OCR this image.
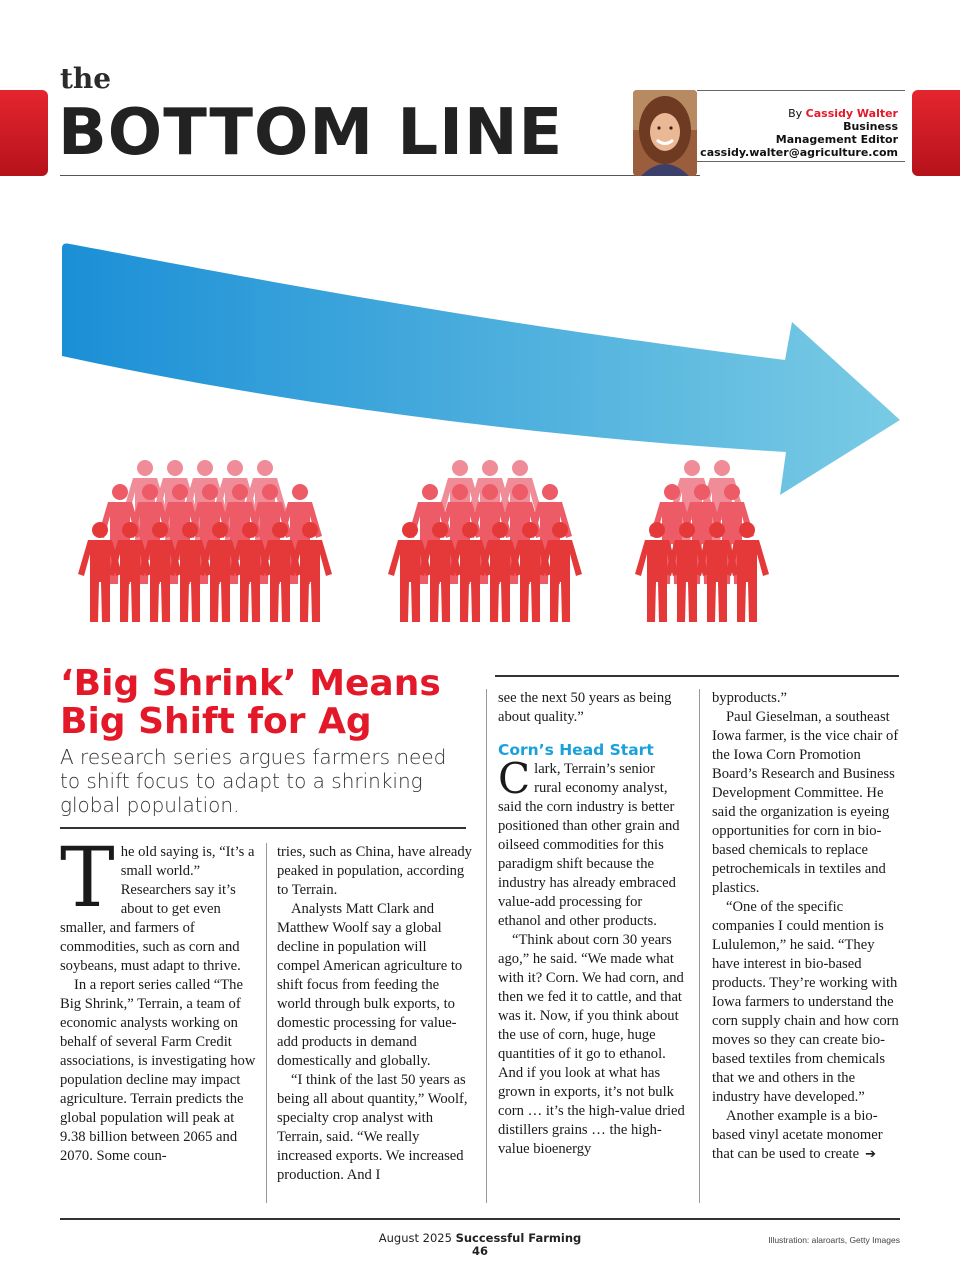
the
BOTTOM LINE	By Cassidy Walter
Business
Management Editor
cassidy.walter@agriculture.com
‘Big Shrink’ Means Big Shift for Ag
A research series argues farmers need to shift focus to adapt to a shrinking global population.

The old saying is, “It’s a small world.” Researchers say it’s about to get even smaller, and farmers of commodities, such as corn and soybeans, must adapt to thrive.

In a report series called “The Big Shrink,” Terrain, a team of economic analysts working on behalf of several Farm Credit associations, is investigating how population decline may impact agriculture. Terrain predicts the global population will peak at 9.38 billion between 2065 and 2070. Some coun-

tries, such as China, have already peaked in population, according to Terrain.

Analysts Matt Clark and Matthew Woolf say a global decline in population will compel American agriculture to shift focus from feeding the world through bulk exports, to domestic processing for value-add products in demand domestically and globally.

“I think of the last 50 years as being all about quantity,” Woolf, specialty crop analyst with Terrain, said. “We really increased exports. We increased production. And I

see the next 50 years as being about quality.”

Corn’s Head Start

Clark, Terrain’s senior rural economy analyst, said the corn industry is better positioned than other grain and oilseed commodities for this paradigm shift because the industry has already embraced value-add processing for ethanol and other products.

“Think about corn 30 years ago,” he said. “We made what with it? Corn. We had corn, and then we fed it to cattle, and that was it. Now, if you think about the use of corn, huge, huge quantities of it go to ethanol. And if you look at what has grown in exports, it’s not bulk corn … it’s the high-value dried distillers grains … the high-value bioenergy

byproducts.”

Paul Gieselman, a southeast Iowa farmer, is the vice chair of the Iowa Corn Promotion Board’s Research and Business Development Committee. He said the organization is eyeing opportunities for corn in bio-based chemicals to replace petrochemicals in textiles and plastics.

“One of the specific companies I could mention is Lululemon,” he said. “They have interest in bio-based products. They’re working with Iowa farmers to understand the corn supply chain and how corn moves so they can create bio-based textiles from chemicals that we and others in the industry have developed.”

Another example is a bio-based vinyl acetate monomer that can be used to create ➔

August 2025 Successful Farming
46
Illustration: alaroarts, Getty Images
